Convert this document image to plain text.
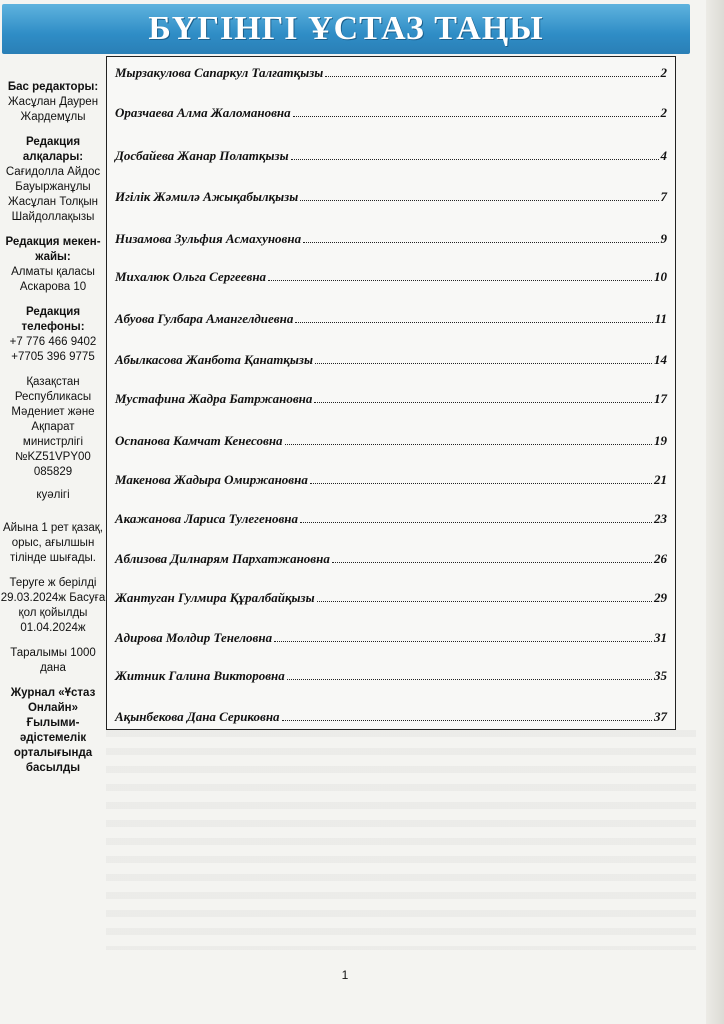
БҮГІНГІ ҰСТАЗ ТАҢЫ
Бас редакторы:
Жасұлан Даурен Жардемұлы
Редакция алқалары:
Сағидолла Айдос Бауыржанұлы Жасұлан Толқын Шайдоллақызы
Редакция мекен-жайы:
Алматы қаласы Аскарова 10
Редакция телефоны:
+7 776 466 9402 +7705 396 9775
Қазақстан Республикасы Мәдениет және Ақпарат министрлігі №KZ51VPY00 085829
куәлігі
Айына 1 рет қазақ, орыс, ағылшын тілінде шығады.
Теруге ж берілді 29.03.2024ж Басуға қол қойылды 01.04.2024ж
Таралымы 1000 дана
Журнал «Ұстаз Онлайн» Ғылыми-әдістемелік орталығында басылды
Мырзакулова Сапаркул Талғатқызы	2
Оразчаева Алма Жаломановна	2
Досбайева Жанар Полатқызы	4
Игілік Жәмилә Ажықабылқызы	7
Низамова Зульфия Асмахуновна	9
Михалюк Ольга Сергеевна	10
Абуова Гулбара Амангелдиевна	11
Абылкасова Жанбота Қанатқызы	14
Мустафина Жадра Батржановна	17
Оспанова Камчат Кенесовна	19
Макенова Жадыра Омиржановна	21
Акажанова Лариса Тулегеновна	23
Аблизова Дилнарям Пархатжановна	26
Жантуган Гулмира Құралбайқызы	29
Адирова Молдир Тенеловна	31
Житник Галина Викторовна	35
Ақынбекова Дана Сериковна	37
1
